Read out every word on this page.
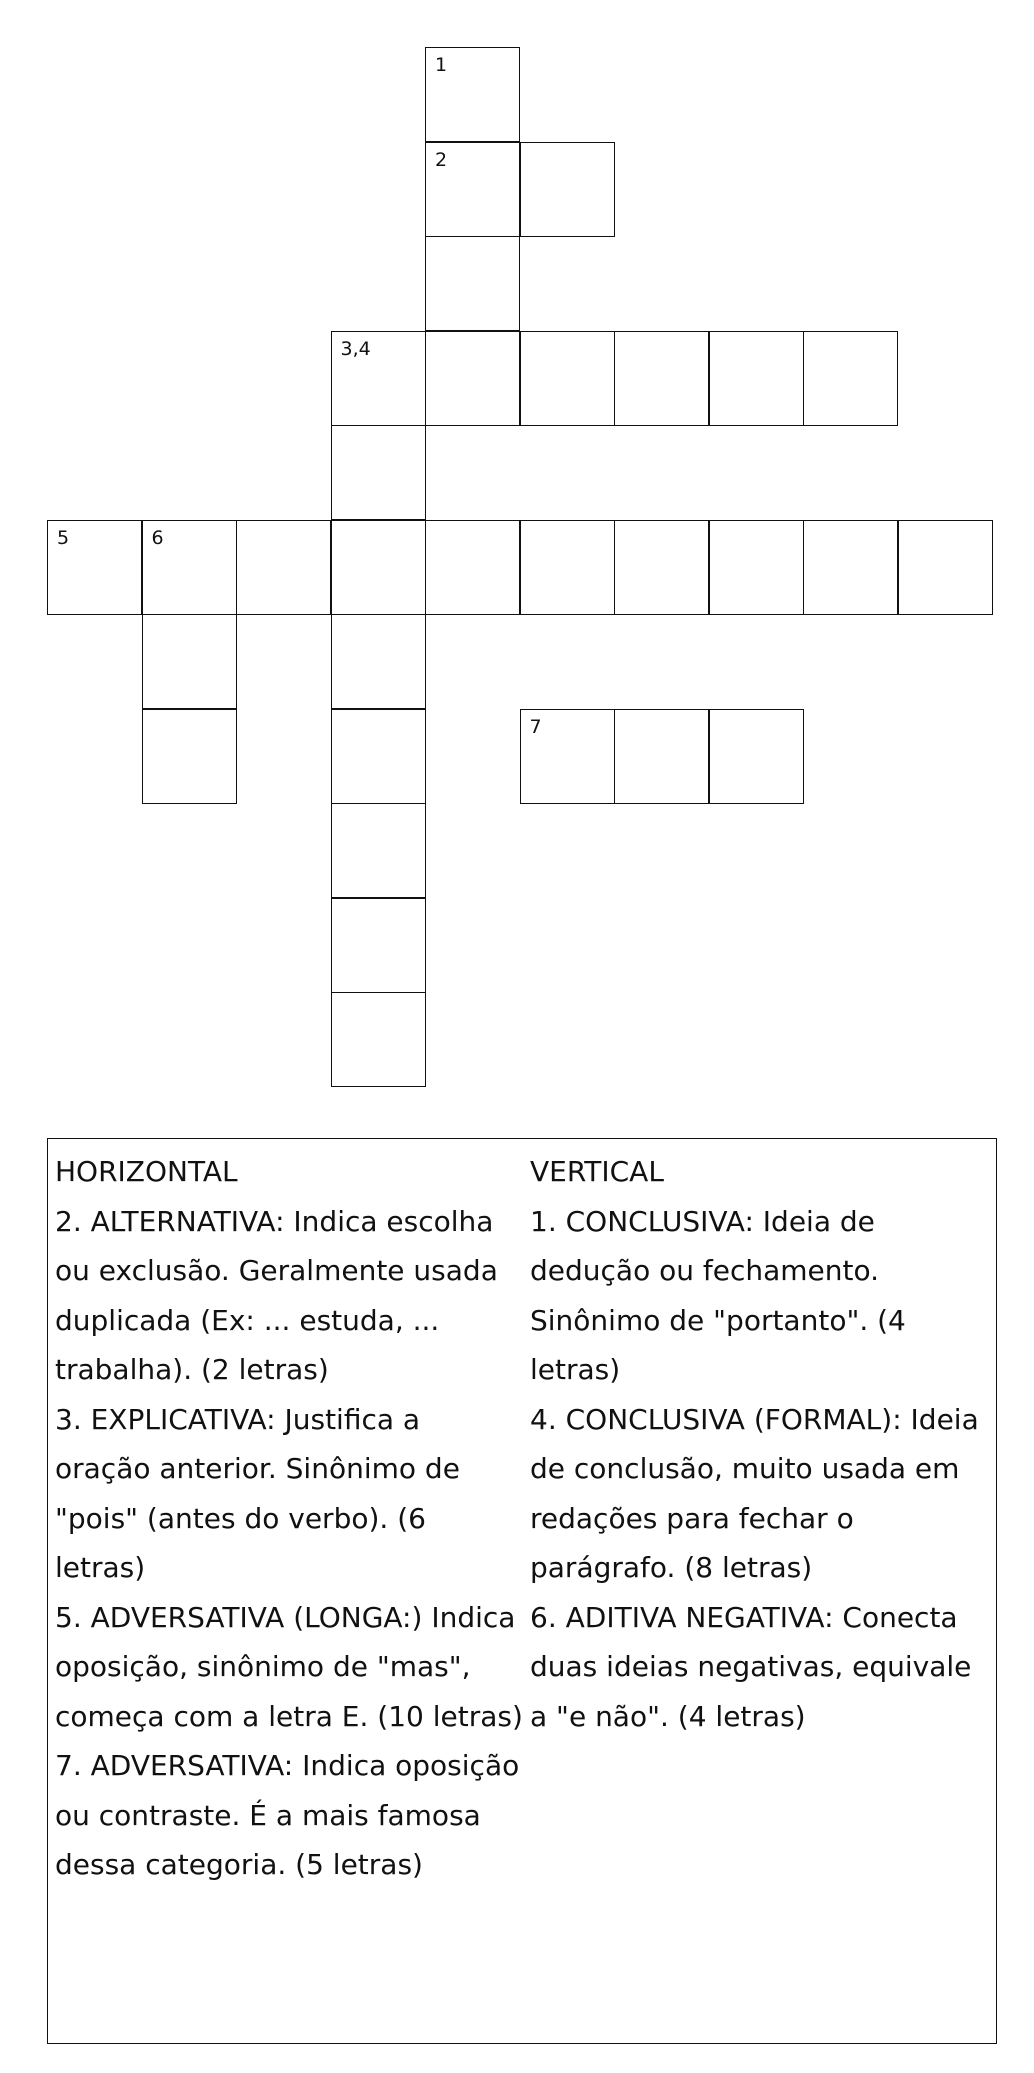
1
2
3,4
5	6
7
HORIZONTAL
2. ALTERNATIVA: Indica escolha ou exclusão. Geralmente usada duplicada (Ex: ... estuda, ... trabalha). (2 letras)
3. EXPLICATIVA: Justifica a oração anterior. Sinônimo de "pois" (antes do verbo). (6 letras)
5. ADVERSATIVA (LONGA:) Indica oposição, sinônimo de "mas", começa com a letra E. (10 letras)
7. ADVERSATIVA: Indica oposição ou contraste. É a mais famosa dessa categoria. (5 letras)
VERTICAL
1. CONCLUSIVA: Ideia de dedução ou fechamento. Sinônimo de "portanto". (4 letras)
4. CONCLUSIVA (FORMAL): Ideia de conclusão, muito usada em redações para fechar o parágrafo. (8 letras)
6. ADITIVA NEGATIVA: Conecta duas ideias negativas, equivale a "e não". (4 letras)
